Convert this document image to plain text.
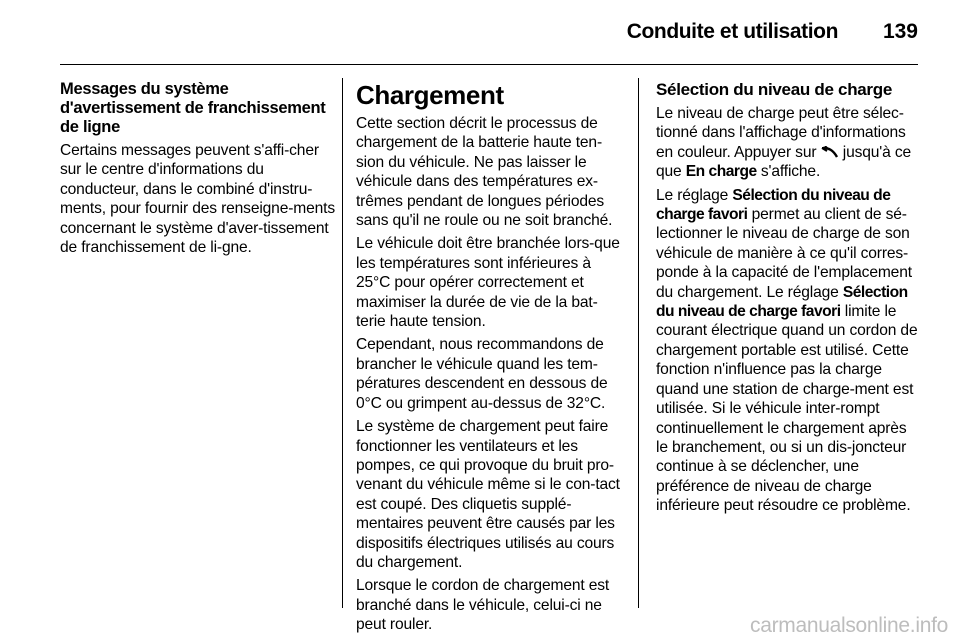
Conduite et utilisation 139

Messages du système d'avertissement de franchissement de ligne

Certains messages peuvent s'affi-cher sur le centre d'informations du conducteur, dans le combiné d'instru-ments, pour fournir des renseigne-ments concernant le système d'aver-tissement de franchissement de li-gne.

Chargement

Cette section décrit le processus de chargement de la batterie haute ten-sion du véhicule. Ne pas laisser le véhicule dans des températures ex-trêmes pendant de longues périodes sans qu'il ne roule ou ne soit branché.

Le véhicule doit être branchée lors-que les températures sont inférieures à 25°C pour opérer correctement et maximiser la durée de vie de la bat-terie haute tension.

Cependant, nous recommandons de brancher le véhicule quand les tem-pératures descendent en dessous de 0°C ou grimpent au-dessus de 32°C.

Le système de chargement peut faire fonctionner les ventilateurs et les pompes, ce qui provoque du bruit pro-venant du véhicule même si le con-tact est coupé. Des cliquetis supplé-mentaires peuvent être causés par les dispositifs électriques utilisés au cours du chargement.

Lorsque le cordon de chargement est branché dans le véhicule, celui-ci ne peut rouler.

Sélection du niveau de charge

Le niveau de charge peut être sélec-tionné dans l'affichage d'informations en couleur. Appuyer sur jusqu'à ce que En charge s'affiche.

Le réglage Sélection du niveau de charge favori permet au client de sé-lectionner le niveau de charge de son véhicule de manière à ce qu'il corres-ponde à la capacité de l'emplacement du chargement. Le réglage Sélection du niveau de charge favori limite le courant électrique quand un cordon de chargement portable est utilisé. Cette fonction n'influence pas la charge quand une station de charge-ment est utilisée. Si le véhicule inter-rompt continuellement le chargement après le branchement, ou si un dis-joncteur continue à se déclencher, une préférence de niveau de charge inférieure peut résoudre ce problème.

carmanualsonline.info
